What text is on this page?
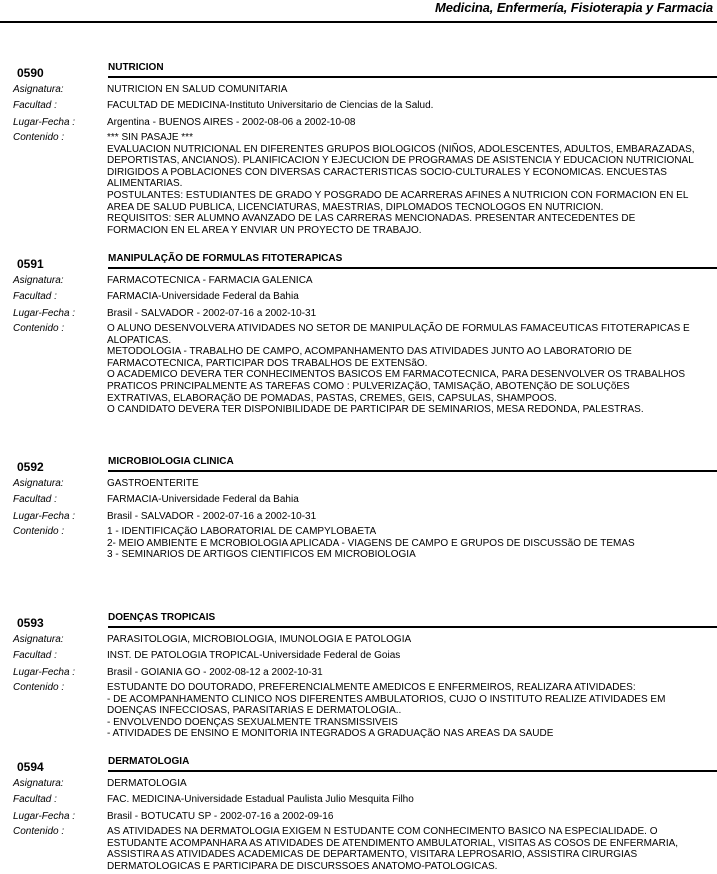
Medicina, Enfermería, Fisioterapia y Farmacia
0590	NUTRICION
Asignatura:	NUTRICION EN SALUD COMUNITARIA
Facultad :	FACULTAD DE MEDICINA-Instituto Universitario de Ciencias de la Salud.
Lugar-Fecha :	Argentina - BUENOS AIRES - 2002-08-06 a 2002-10-08
Contenido :	*** SIN PASAJE ***
EVALUACION NUTRICIONAL EN DIFERENTES GRUPOS BIOLOGICOS (NIÑOS, ADOLESCENTES, ADULTOS, EMBARAZADAS,
DEPORTISTAS, ANCIANOS). PLANIFICACION Y EJECUCION DE PROGRAMAS DE ASISTENCIA Y EDUCACION NUTRICIONAL
DIRIGIDOS A POBLACIONES CON DIVERSAS CARACTERISTICAS SOCIO-CULTURALES Y ECONOMICAS. ENCUESTAS
ALIMENTARIAS.
POSTULANTES: ESTUDIANTES DE GRADO Y POSGRADO DE ACARRERAS AFINES A NUTRICION CON FORMACION EN EL
AREA DE SALUD PUBLICA, LICENCIATURAS, MAESTRIAS, DIPLOMADOS TECNOLOGOS EN NUTRICION.
REQUISITOS: SER ALUMNO AVANZADO DE LAS CARRERAS MENCIONADAS. PRESENTAR ANTECEDENTES DE
FORMACION EN EL AREA Y ENVIAR UN PROYECTO DE TRABAJO.
0591	MANIPULAÇÃO DE FORMULAS FITOTERAPICAS
Asignatura:	FARMACOTECNICA - FARMACIA GALENICA
Facultad :	FARMACIA-Universidade Federal da Bahia
Lugar-Fecha :	Brasil - SALVADOR - 2002-07-16 a 2002-10-31
Contenido :	O ALUNO DESENVOLVERA ATIVIDADES NO SETOR DE MANIPULAÇÃO DE FORMULAS FAMACEUTICAS FITOTERAPICAS E
ALOPATICAS.
METODOLOGIA - TRABALHO DE CAMPO, ACOMPANHAMENTO DAS ATIVIDADES JUNTO AO LABORATORIO DE
FARMACOTECNICA, PARTICIPAR DOS TRABALHOS DE EXTENSãO.
O ACADEMICO DEVERA TER CONHECIMENTOS BASICOS EM FARMACOTECNICA, PARA DESENVOLVER OS TRABALHOS
PRATICOS PRINCIPALMENTE AS TAREFAS COMO : PULVERIZAÇãO, TAMISAÇãO, ABOTENÇãO DE SOLUÇõES
EXTRATIVAS, ELABORAÇãO DE POMADAS, PASTAS, CREMES, GEIS, CAPSULAS, SHAMPOOS.
O CANDIDATO DEVERA TER DISPONIBILIDADE DE PARTICIPAR DE SEMINARIOS, MESA REDONDA, PALESTRAS.
0592	MICROBIOLOGIA CLINICA
Asignatura:	GASTROENTERITE
Facultad :	FARMACIA-Universidade Federal da Bahia
Lugar-Fecha :	Brasil - SALVADOR - 2002-07-16 a 2002-10-31
Contenido :	1 - IDENTIFICAÇãO LABORATORIAL DE CAMPYLOBAETA
2- MEIO AMBIENTE E MCROBIOLOGIA APLICADA - VIAGENS DE CAMPO E GRUPOS DE DISCUSSãO DE TEMAS
3 - SEMINARIOS DE ARTIGOS CIENTIFICOS EM MICROBIOLOGIA
0593	DOENÇAS TROPICAIS
Asignatura:	PARASITOLOGIA, MICROBIOLOGIA, IMUNOLOGIA E PATOLOGIA
Facultad :	INST. DE PATOLOGIA TROPICAL-Universidade Federal de Goias
Lugar-Fecha :	Brasil - GOIANIA GO - 2002-08-12 a 2002-10-31
Contenido :	ESTUDANTE DO DOUTORADO, PREFERENCIALMENTE AMEDICOS E ENFERMEIROS, REALIZARA ATIVIDADES:
- DE ACOMPANHAMENTO CLINICO NOS DIFERENTES AMBULATORIOS, CUJO O INSTITUTO REALIZE ATIVIDADES EM
DOENÇAS INFECCIOSAS, PARASITARIAS E DERMATOLOGIA..
- ENVOLVENDO DOENÇAS SEXUALMENTE TRANSMISSIVEIS
- ATIVIDADES DE ENSINO E MONITORIA INTEGRADOS A GRADUAÇãO NAS AREAS DA SAUDE
0594	DERMATOLOGIA
Asignatura:	DERMATOLOGIA
Facultad :	FAC. MEDICINA-Universidade Estadual Paulista Julio Mesquita Filho
Lugar-Fecha :	Brasil - BOTUCATU SP - 2002-07-16 a 2002-09-16
Contenido :	AS ATIVIDADES NA DERMATOLOGIA EXIGEM N ESTUDANTE COM CONHECIMENTO BASICO NA ESPECIALIDADE. O
ESTUDANTE ACOMPANHARA AS ATIVIDADES DE ATENDIMENTO AMBULATORIAL, VISITAS AS COSOS DE ENFERMARIA,
ASSISTIRA AS ATIVIDADES ACADEMICAS DE DEPARTAMENTO, VISITARA LEPROSARIO, ASSISTIRA CIRURGIAS
DERMATOLOGICAS E PARTICIPARA DE DISCURSSOES ANATOMO-PATOLOGICAS.
